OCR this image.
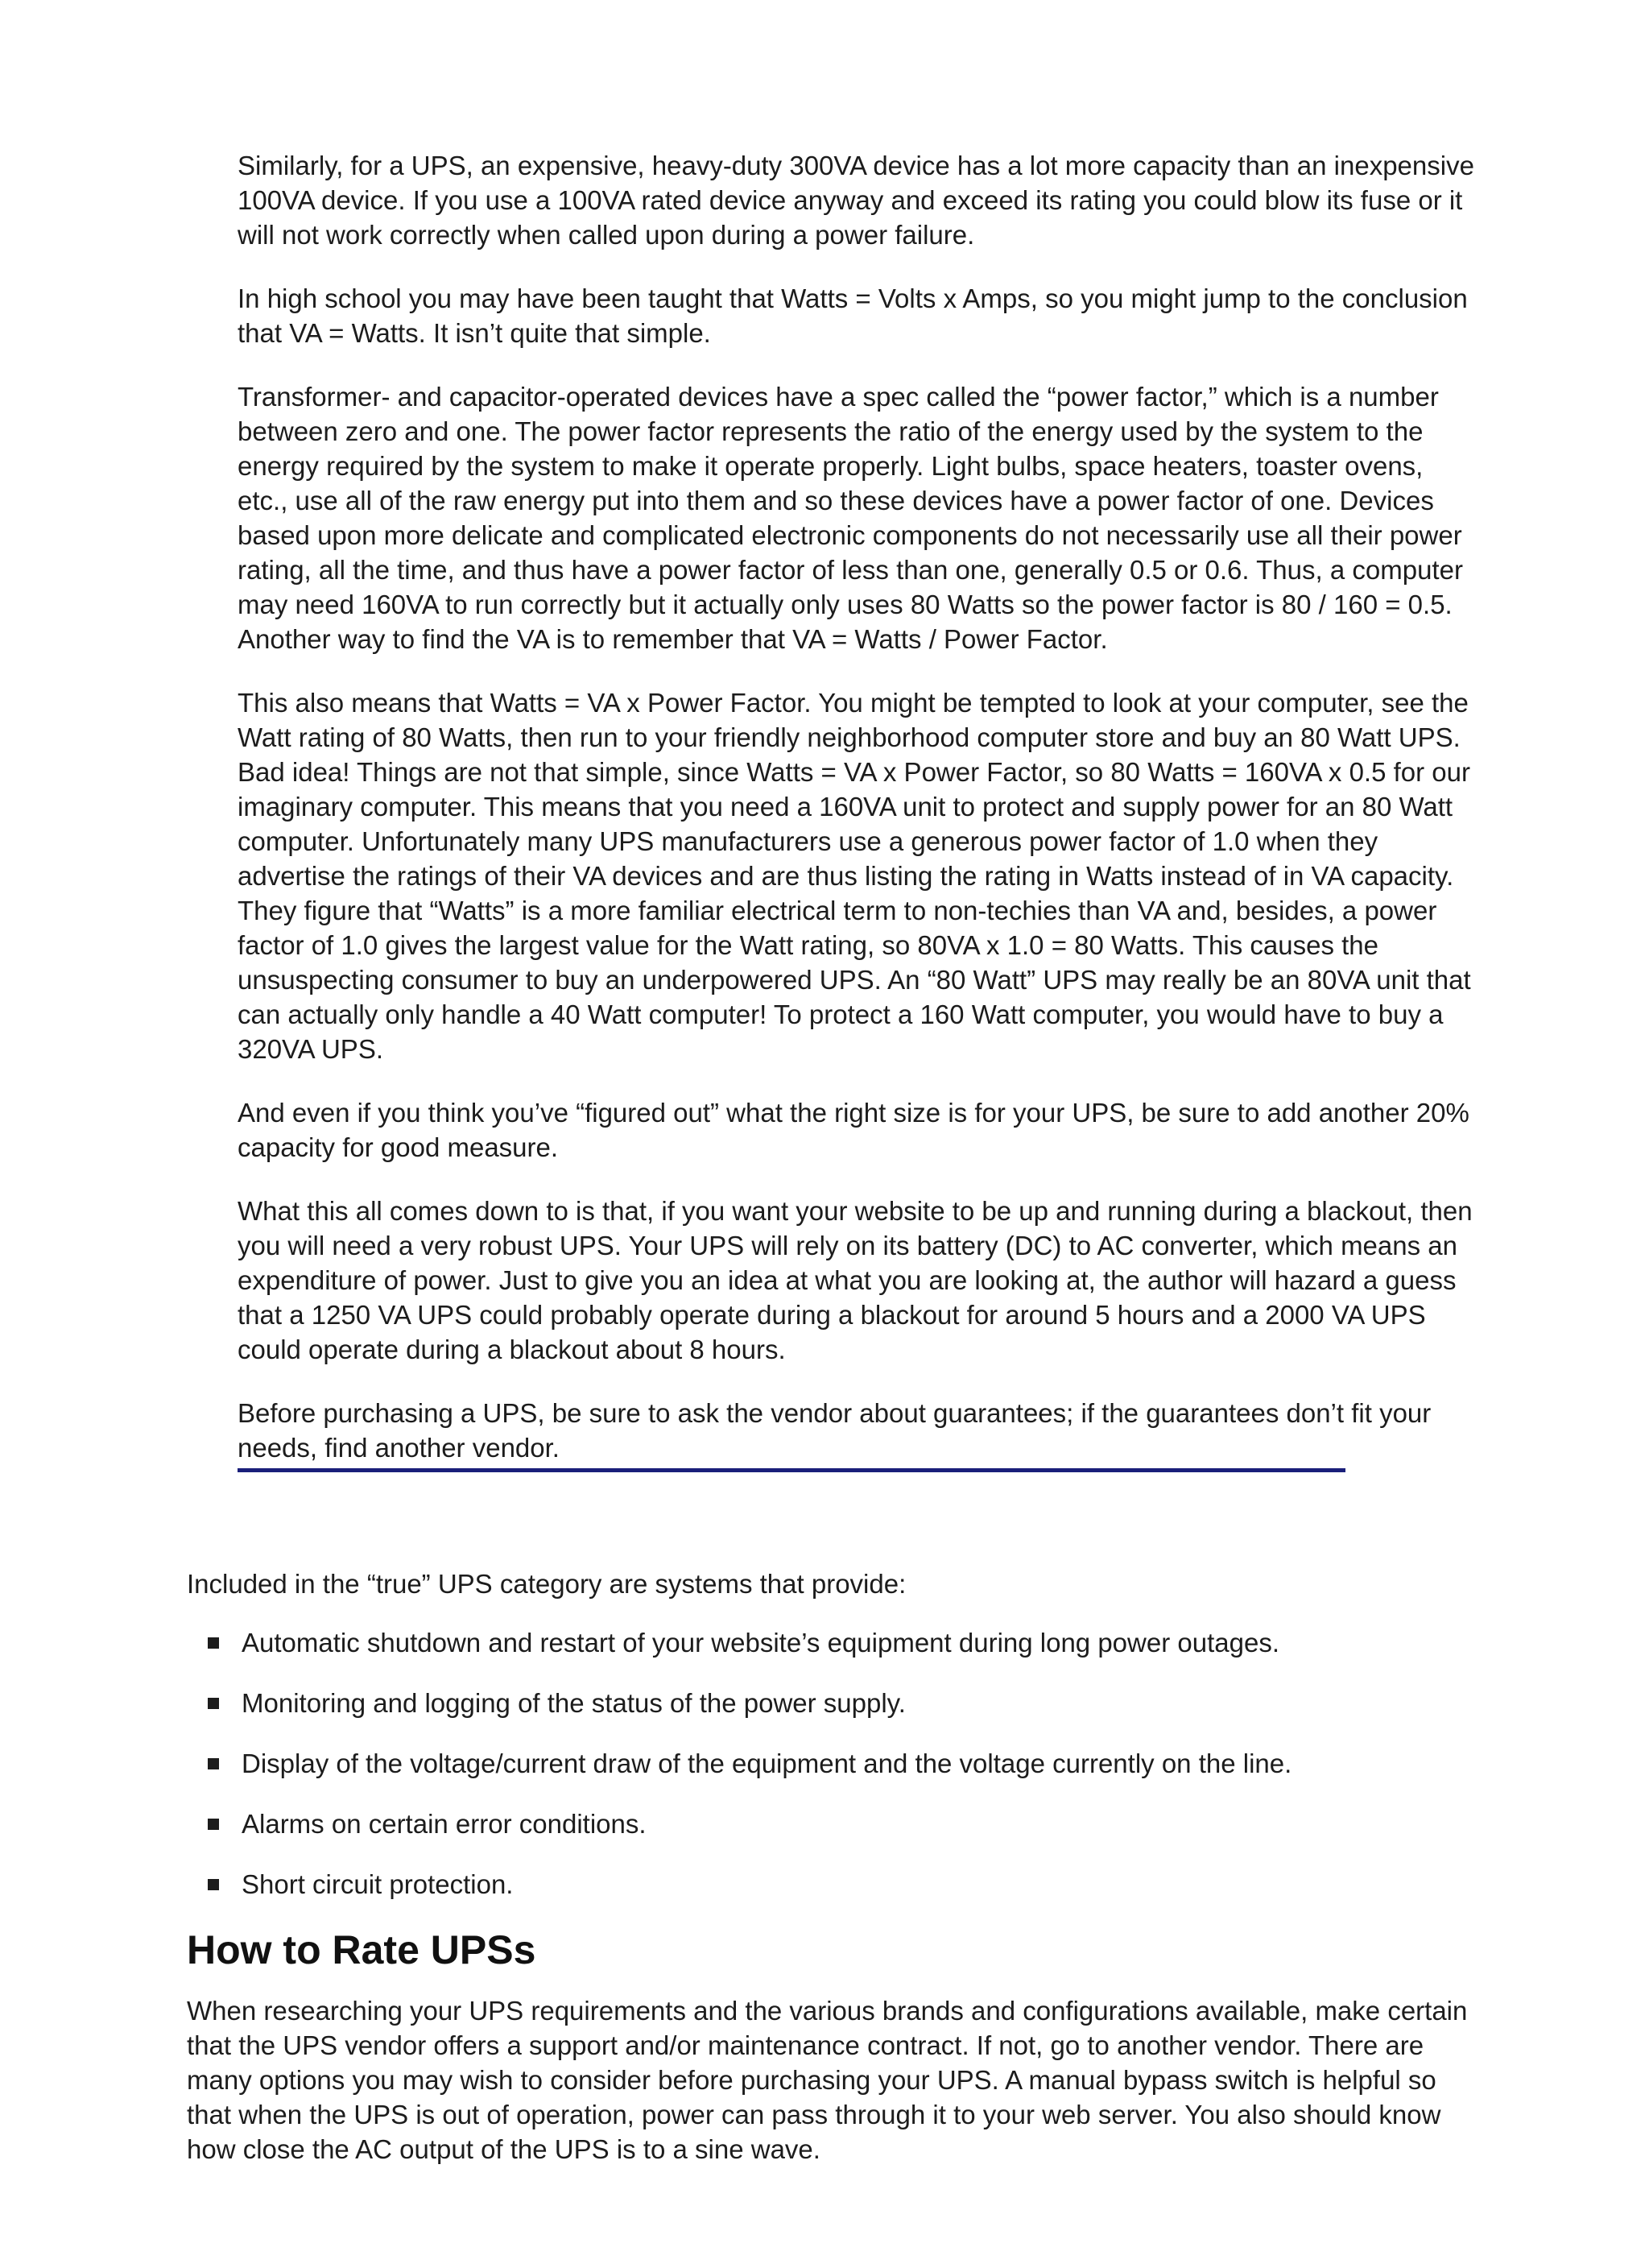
Similarly, for a UPS, an expensive, heavy-duty 300VA device has a lot more capacity than an inexpensive 100VA device. If you use a 100VA rated device anyway and exceed its rating you could blow its fuse or it will not work correctly when called upon during a power failure.

In high school you may have been taught that Watts = Volts x Amps, so you might jump to the conclusion that VA = Watts. It isn’t quite that simple.

Transformer- and capacitor-operated devices have a spec called the “power factor,” which is a number between zero and one. The power factor represents the ratio of the energy used by the system to the energy required by the system to make it operate properly. Light bulbs, space heaters, toaster ovens, etc., use all of the raw energy put into them and so these devices have a power factor of one. Devices based upon more delicate and complicated electronic components do not necessarily use all their power rating, all the time, and thus have a power factor of less than one, generally 0.5 or 0.6. Thus, a computer may need 160VA to run correctly but it actually only uses 80 Watts so the power factor is 80 / 160 = 0.5. Another way to find the VA is to remember that VA = Watts / Power Factor.

This also means that Watts = VA x Power Factor. You might be tempted to look at your computer, see the Watt rating of 80 Watts, then run to your friendly neighborhood computer store and buy an 80 Watt UPS. Bad idea! Things are not that simple, since Watts = VA x Power Factor, so 80 Watts = 160VA x 0.5 for our imaginary computer. This means that you need a 160VA unit to protect and supply power for an 80 Watt computer. Unfortunately many UPS manufacturers use a generous power factor of 1.0 when they advertise the ratings of their VA devices and are thus listing the rating in Watts instead of in VA capacity. They figure that “Watts” is a more familiar electrical term to non-techies than VA and, besides, a power factor of 1.0 gives the largest value for the Watt rating, so 80VA x 1.0 = 80 Watts. This causes the unsuspecting consumer to buy an underpowered UPS. An “80 Watt” UPS may really be an 80VA unit that can actually only handle a 40 Watt computer! To protect a 160 Watt computer, you would have to buy a 320VA UPS.

And even if you think you’ve “figured out” what the right size is for your UPS, be sure to add another 20% capacity for good measure.

What this all comes down to is that, if you want your website to be up and running during a blackout, then you will need a very robust UPS. Your UPS will rely on its battery (DC) to AC converter, which means an expenditure of power. Just to give you an idea at what you are looking at, the author will hazard a guess that a 1250 VA UPS could probably operate during a blackout for around 5 hours and a 2000 VA UPS could operate during a blackout about 8 hours.

Before purchasing a UPS, be sure to ask the vendor about guarantees; if the guarantees don’t fit your needs, find another vendor.

Included in the “true” UPS category are systems that provide:

Automatic shutdown and restart of your website’s equipment during long power outages.
Monitoring and logging of the status of the power supply.
Display of the voltage/current draw of the equipment and the voltage currently on the line.
Alarms on certain error conditions.
Short circuit protection.
How to Rate UPSs

When researching your UPS requirements and the various brands and configurations available, make certain that the UPS vendor offers a support and/or maintenance contract. If not, go to another vendor. There are many options you may wish to consider before purchasing your UPS. A manual bypass switch is helpful so that when the UPS is out of operation, power can pass through it to your web server. You also should know how close the AC output of the UPS is to a sine wave.
